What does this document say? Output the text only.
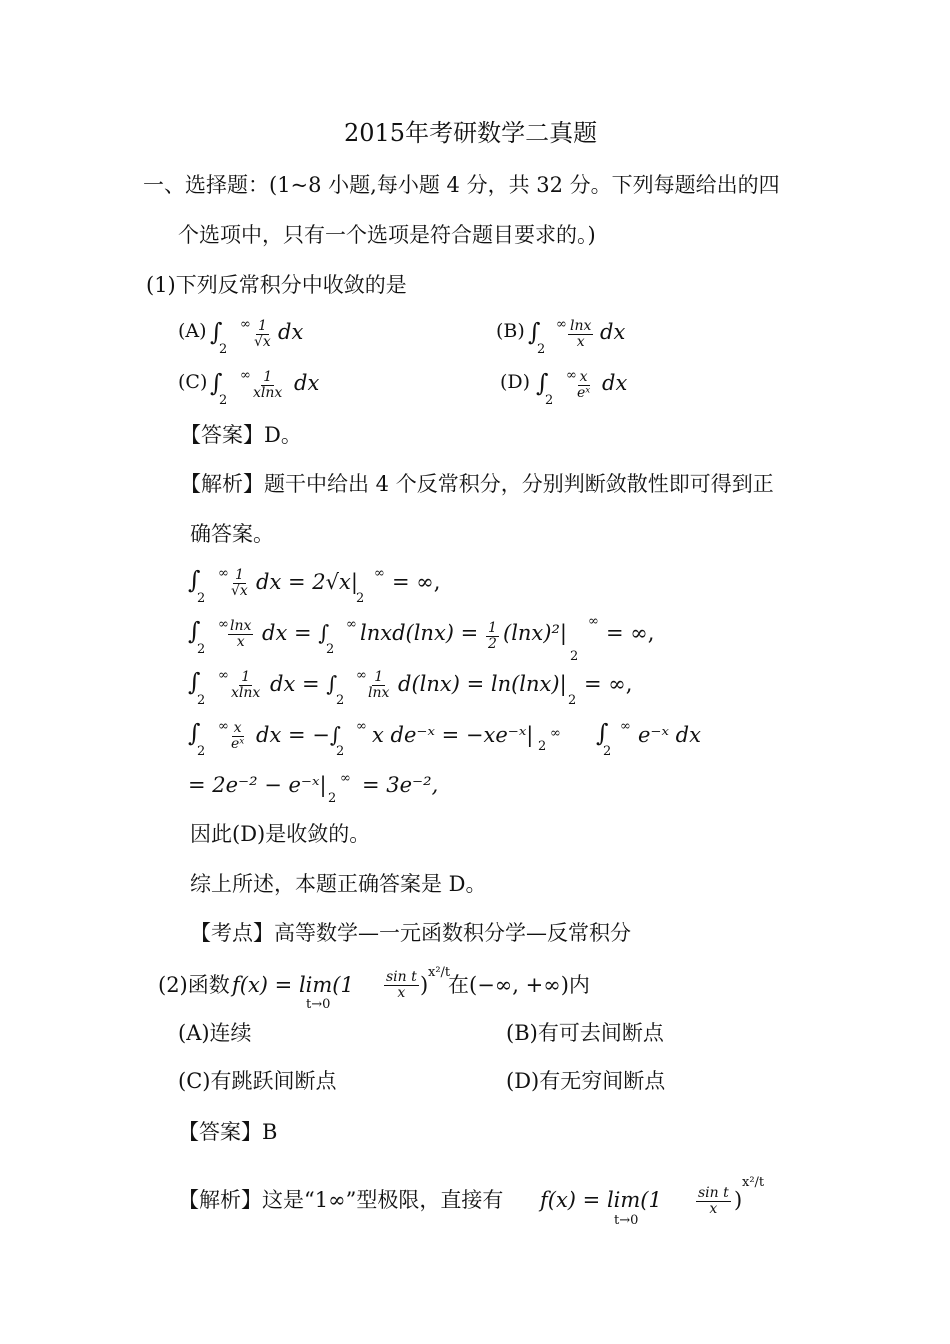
2015年考研数学二真题
一、选择题：(1~8 小题,每小题 4 分，共 32 分。下列每题给出的四
个选项中，只有一个选项是符合题目要求的。)
(1)下列反常积分中收敛的是
(A) ∫
2
∞ $\frac{1}{√x}$ dx	(B) ∫
2
∞ $\frac{\ln x}{x}$ dx
(C) ∫
2
∞ $\frac{1}{xlnx}$ dx	(D) ∫
2
∞ $\frac{x}{\text{eˣ}}$ dx
【答案】D。
【解析】题干中给出 4 个反常积分，分别判断敛散性即可得到正
确答案。
∫
2
∞ $\frac{1}{√x}$ dx = 2√x|
2
∞ = ∞,
∫
2
∞ $\frac{\ln x}{x}$ dx = ∫
2
∞ lnxd(lnx) = $\frac{1}{2} (\ln x)^2|$
2
∞ = ∞,
∫
2
∞ $\frac{1}{xlnx}$ dx = ∫
2
∞ $\frac{1}{\ln x} d(\ln x) = \ln(\ln x)|$
2
= ∞,
∫
2
∞ $\frac{x}{\text{eˣ}}$ dx = −∫
2
∞ x de⁻ˣ = −xe⁻ˣ| 2
∞ ∫
2
∞ e⁻ˣ dx
= 2e⁻² − e⁻ˣ|
2
∞ = 3e⁻²,
因此(D)是收敛的。
综上所述，本题正确答案是 D。
【考点】高等数学—一元函数积分学—反常积分
(2)函数 f(x) = lim(1
t→0
$\frac{\text{sin t}}{x}$ )
x²/t
在(−∞, +∞)内
(A)连续	(B)有可去间断点
(C)有跳跃间断点	(D)有无穷间断点
【答案】B
【解析】这是“1∞”型极限，直接有 f(x) = lim(1
t→0
$\frac{\text{sin t}}{x}$ )
x²/t
